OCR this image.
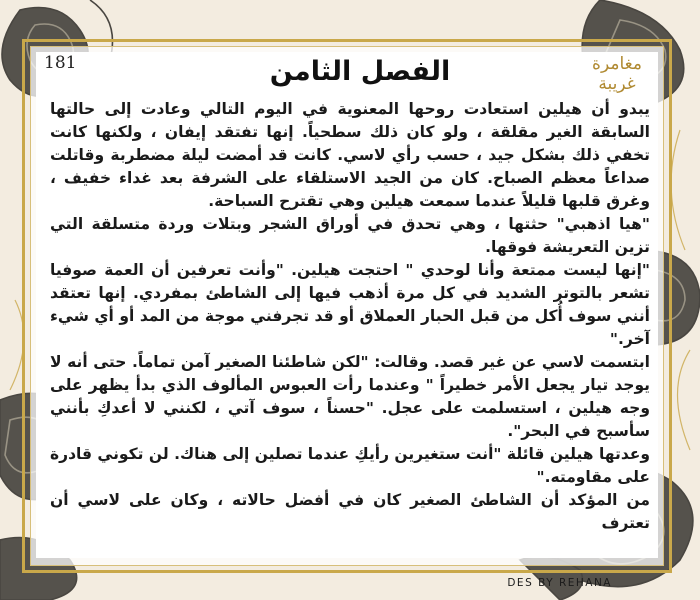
181	الفصل الثامن	مغامرة
غريبة

يبدو أن هيلين استعادت روحها المعنوية في اليوم التالي وعادت إلى حالتها السابقة الغير مقلقة ، ولو كان ذلك سطحياً. إنها تفتقد إيفان ، ولكنها كانت تخفي ذلك بشكل جيد ، حسب رأي لاسي. كانت قد أمضت ليلة مضطربة وقاتلت صداعاً معظم الصباح. كان من الجيد الاستلقاء على الشرفة بعد غداء خفيف ، وغرق قلبها قليلاً عندما سمعت هيلين وهي تقترح السباحة.

"هيا اذهبي" حثتها ، وهي تحدق في أوراق الشجر وبتلات وردة متسلقة التي تزين التعريشة فوقها.

"إنها ليست ممتعة وأنا لوحدي " احتجت هيلين. "وأنت تعرفين أن العمة صوفيا تشعر بالتوتر الشديد في كل مرة أذهب فيها إلى الشاطئ بمفردي. إنها تعتقد أنني سوف أُكل من قبل الحبار العملاق أو قد تجرفني موجة من المد أو أي شيء آخر."

ابتسمت لاسي عن غير قصد. وقالت: "لكن شاطئنا الصغير آمن تماماً. حتى أنه لا يوجد تيار يجعل الأمر خطيراً " وعندما رأت العبوس المألوف الذي بدأ يظهر على وجه هيلين ، استسلمت على عجل. "حسناً ، سوف آتي ، لكنني لا أعدكِ بأنني سأسبح في البحر".

وعدتها هيلين قائلة "أنت ستغيرين رأيكِ عندما تصلين إلى هناك. لن تكوني قادرة على مقاومته."

من المؤكد أن الشاطئ الصغير كان في أفضل حالاته ، وكان على لاسي أن تعترف

DES BY REHANA
